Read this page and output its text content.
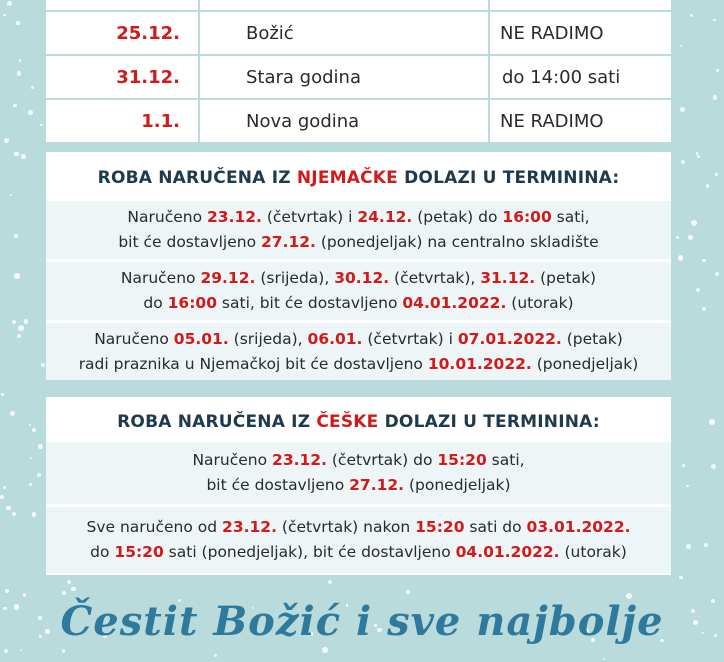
25.12.	Božić	NE RADIMO
31.12.	Stara godina	do 14:00 sati
1.1.	Nova godina	NE RADIMO
ROBA NARUČENA IZ NJEMAČKE DOLAZI U TERMININA:
Naručeno 23.12. (četvrtak) i 24.12. (petak) do 16:00 sati,
bit će dostavljeno 27.12. (ponedjeljak) na centralno skladište
Naručeno 29.12. (srijeda), 30.12. (četvrtak), 31.12. (petak)
do 16:00 sati, bit će dostavljeno 04.01.2022. (utorak)
Naručeno 05.01. (srijeda), 06.01. (četvrtak) i 07.01.2022. (petak)
radi praznika u Njemačkoj bit će dostavljeno 10.01.2022. (ponedjeljak)
ROBA NARUČENA IZ ČEŠKE DOLAZI U TERMININA:
Naručeno 23.12. (četvrtak) do 15:20 sati,
bit će dostavljeno 27.12. (ponedjeljak)
Sve naručeno od 23.12. (četvrtak) nakon 15:20 sati do 03.01.2022.
do 15:20 sati (ponedjeljak), bit će dostavljeno 04.01.2022. (utorak)
Čestit Božić i sve najbolje
